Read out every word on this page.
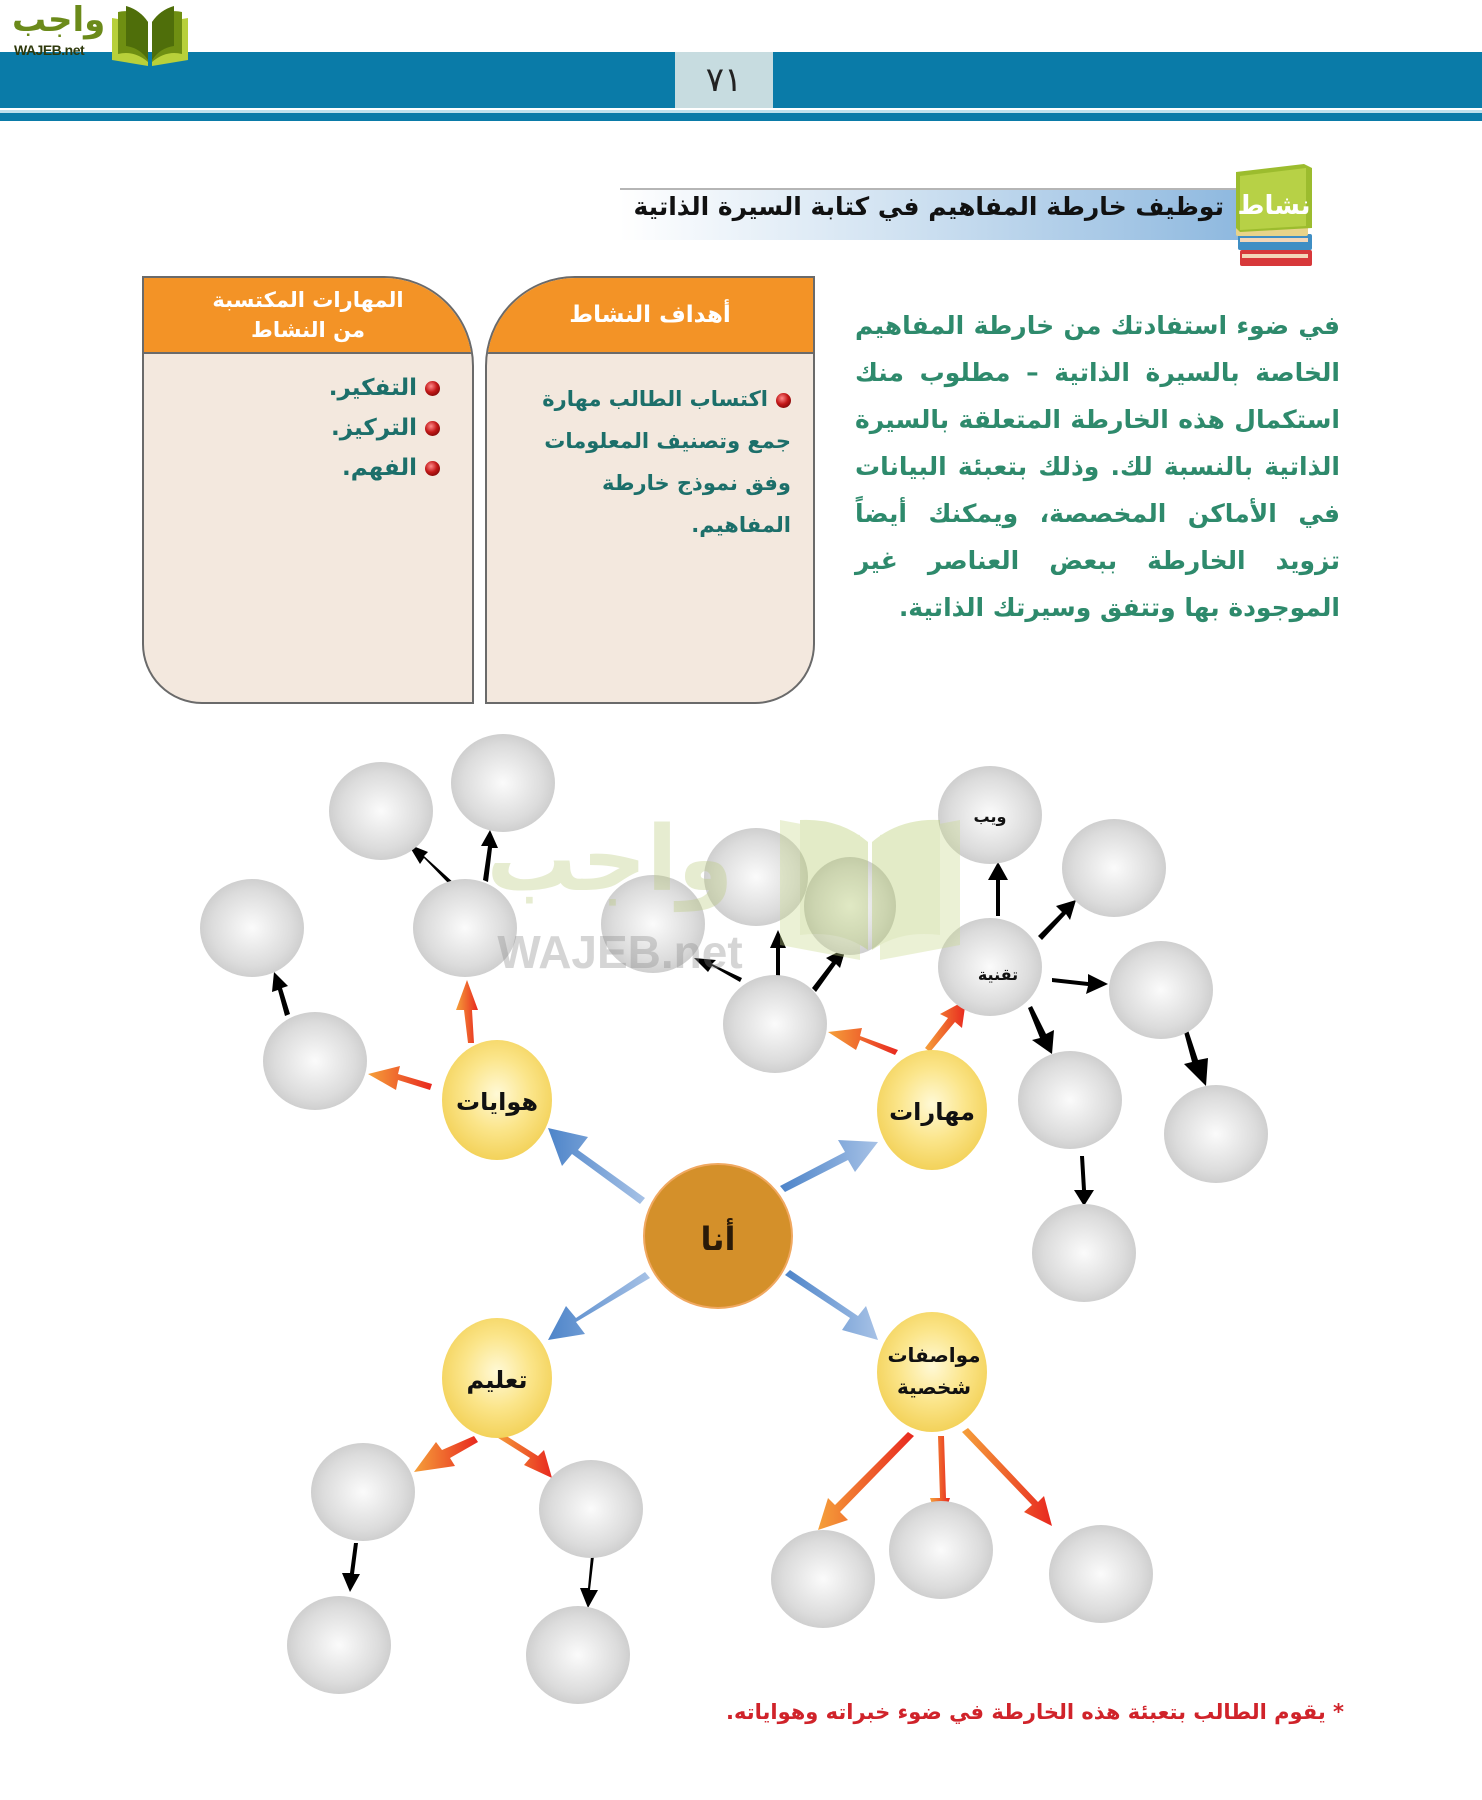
٧١
واجب
WAJEB.net
توظيف خارطة المفاهيم في كتابة السيرة الذاتية نشاط
في ضوء استفادتك من خارطة المفاهيم الخاصة بالسيرة الذاتية – مطلوب منك استكمال هذه الخارطة المتعلقة بالسيرة الذاتية بالنسبة لك. وذلك بتعبئة البيانات في الأماكن المخصصة، ويمكنك أيضاً تزويد الخارطة ببعض العناصر غير الموجودة بها وتتفق وسيرتك الذاتية.
أهداف النشاط
اكتساب الطالب مهارة جمع وتصنيف المعلومات وفق نموذج خارطة المفاهيم.
المهارات المكتسبة
من النشاط
التفكير.
التركيز.
الفهم.
أنا
هوايات	مهارات
تعليم
مواصفات
شخصية
ويب
تقنية
واجب
WAJEB.net
* يقوم الطالب بتعبئة هذه الخارطة في ضوء خبراته وهواياته.
